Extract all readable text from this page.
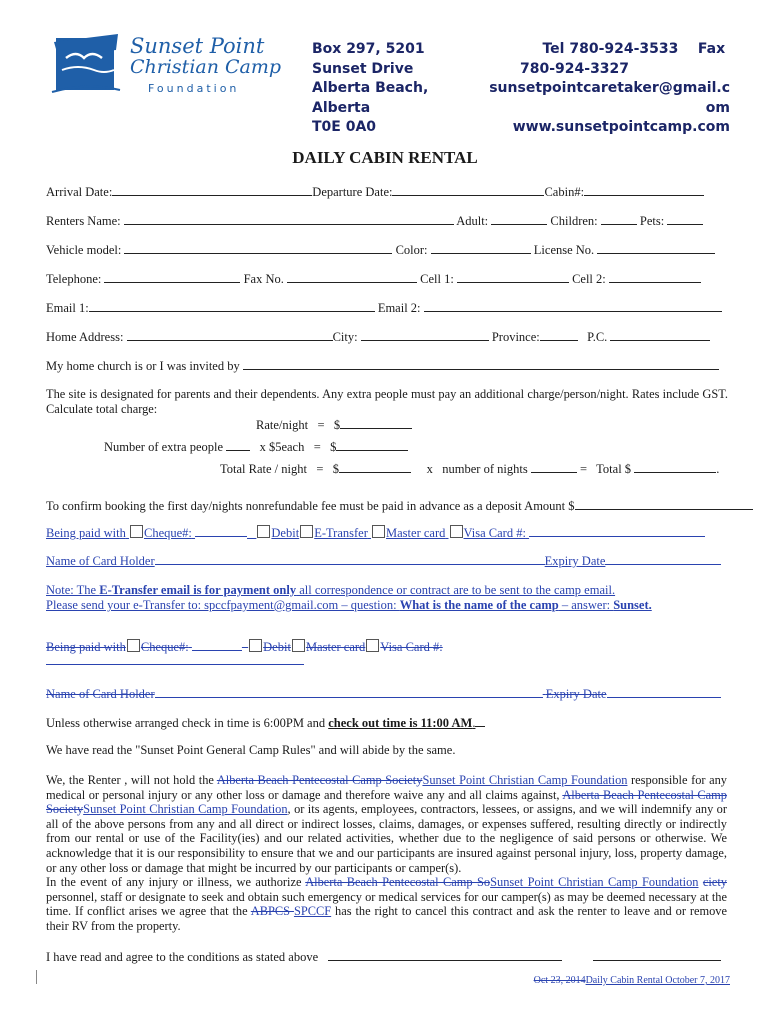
Sunset Point
Christian Camp
Foundation
Box 297, 5201
Sunset Drive
Alberta Beach,
Alberta
T0E 0A0
Tel 780-924-3533 Fax
780-924-3327
sunsetpointcaretaker@gmail.c
om
www.sunsetpointcamp.com
DAILY CABIN RENTAL
Arrival Date:	Departure Date:	Cabin#:
Renters Name:	Adult:	Children:	Pets:
Vehicle model:	Color:	License No.
Telephone:	Fax No.	Cell 1:	Cell 2:
Email 1:	Email 2:
Home Address:	City:	Province:	P.C.
My home church is or I was invited by
The site is designated for parents and their dependents. Any extra people must pay an additional charge/person/night. Rates include GST. Calculate total charge:
Rate/night = $
Number of extra people	x $5each = $
Total Rate / night = $	x number of nights	= Total $	.
To confirm booking the first day/nights nonrefundable fee must be paid in advance as a deposit Amount $
Being paid with Cheque#:	Debit E-Transfer Master card Visa Card #:
Name of Card Holder	Expiry Date
Note: The E-Transfer email is for payment only all correspondence or contract are to be sent to the camp email.
Please send your e-Transfer to: spccfpayment@gmail.com – question: What is the name of the camp – answer: Sunset.
Being paid with Cheque#:	Debit Master card Visa Card #:
Name of Card Holder	Expiry Date
Unless otherwise arranged check in time is 6:00PM and check out time is 11:00 AM.
We have read the "Sunset Point General Camp Rules" and will abide by the same.
We, the Renter , will not hold the Alberta Beach Pentecostal Camp SocietySunset Point Christian Camp Foundation responsible for any medical or personal injury or any other loss or damage and therefore waive any and all claims against, Alberta Beach Pentecostal Camp SocietySunset Point Christian Camp Foundation, or its agents, employees, contractors, lessees, or assigns, and we will indemnify any or all of the above persons from any and all direct or indirect losses, claims, damages, or expenses suffered, resulting directly or indirectly from our rental or use of the Facility(ies) and our related activities, whether due to the negligence of said persons or otherwise. We acknowledge that it is our responsibility to ensure that we and our participants are insured against personal injury, loss, property damage, or any other loss or damage that might be incurred by our participants or camper(s).
In the event of any injury or illness, we authorize Alberta Beach Pentecostal Camp SoSunset Point Christian Camp Foundation ciety personnel, staff or designate to seek and obtain such emergency or medical services for our camper(s) as may be deemed necessary at the time. If conflict arises we agree that the ABPCS SPCCF has the right to cancel this contract and ask the renter to leave and or remove their RV from the property.
I have read and agree to the conditions as stated above
Oct 23, 2014Daily Cabin Rental October 7, 2017
